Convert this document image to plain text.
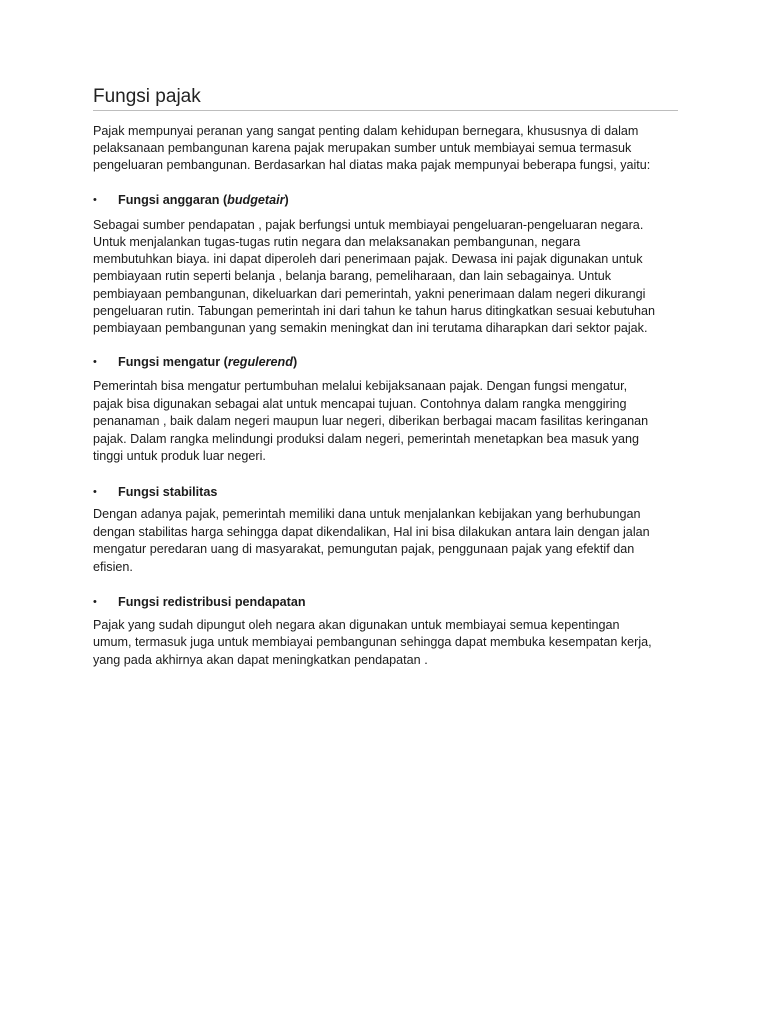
Fungsi pajak

Pajak mempunyai peranan yang sangat penting dalam kehidupan bernegara, khususnya di dalam

pelaksanaan pembangunan karena pajak merupakan sumber untuk membiayai semua termasuk

pengeluaran pembangunan. Berdasarkan hal diatas maka pajak mempunyai beberapa fungsi, yaitu:

• Fungsi anggaran (budgetair)

Sebagai sumber pendapatan , pajak berfungsi untuk membiayai pengeluaran-pengeluaran negara.

Untuk menjalankan tugas-tugas rutin negara dan melaksanakan pembangunan, negara

membutuhkan biaya. ini dapat diperoleh dari penerimaan pajak. Dewasa ini pajak digunakan untuk

pembiayaan rutin seperti belanja , belanja barang, pemeliharaan, dan lain sebagainya. Untuk

pembiayaan pembangunan, dikeluarkan dari pemerintah, yakni penerimaan dalam negeri dikurangi

pengeluaran rutin. Tabungan pemerintah ini dari tahun ke tahun harus ditingkatkan sesuai kebutuhan

pembiayaan pembangunan yang semakin meningkat dan ini terutama diharapkan dari sektor pajak.

• Fungsi mengatur (regulerend)

Pemerintah bisa mengatur pertumbuhan melalui kebijaksanaan pajak. Dengan fungsi mengatur,

pajak bisa digunakan sebagai alat untuk mencapai tujuan. Contohnya dalam rangka menggiring

penanaman , baik dalam negeri maupun luar negeri, diberikan berbagai macam fasilitas keringanan

pajak. Dalam rangka melindungi produksi dalam negeri, pemerintah menetapkan bea masuk yang

tinggi untuk produk luar negeri.

• Fungsi stabilitas

Dengan adanya pajak, pemerintah memiliki dana untuk menjalankan kebijakan yang berhubungan

dengan stabilitas harga sehingga dapat dikendalikan, Hal ini bisa dilakukan antara lain dengan jalan

mengatur peredaran uang di masyarakat, pemungutan pajak, penggunaan pajak yang efektif dan

efisien.

• Fungsi redistribusi pendapatan

Pajak yang sudah dipungut oleh negara akan digunakan untuk membiayai semua kepentingan

umum, termasuk juga untuk membiayai pembangunan sehingga dapat membuka kesempatan kerja,

yang pada akhirnya akan dapat meningkatkan pendapatan .
